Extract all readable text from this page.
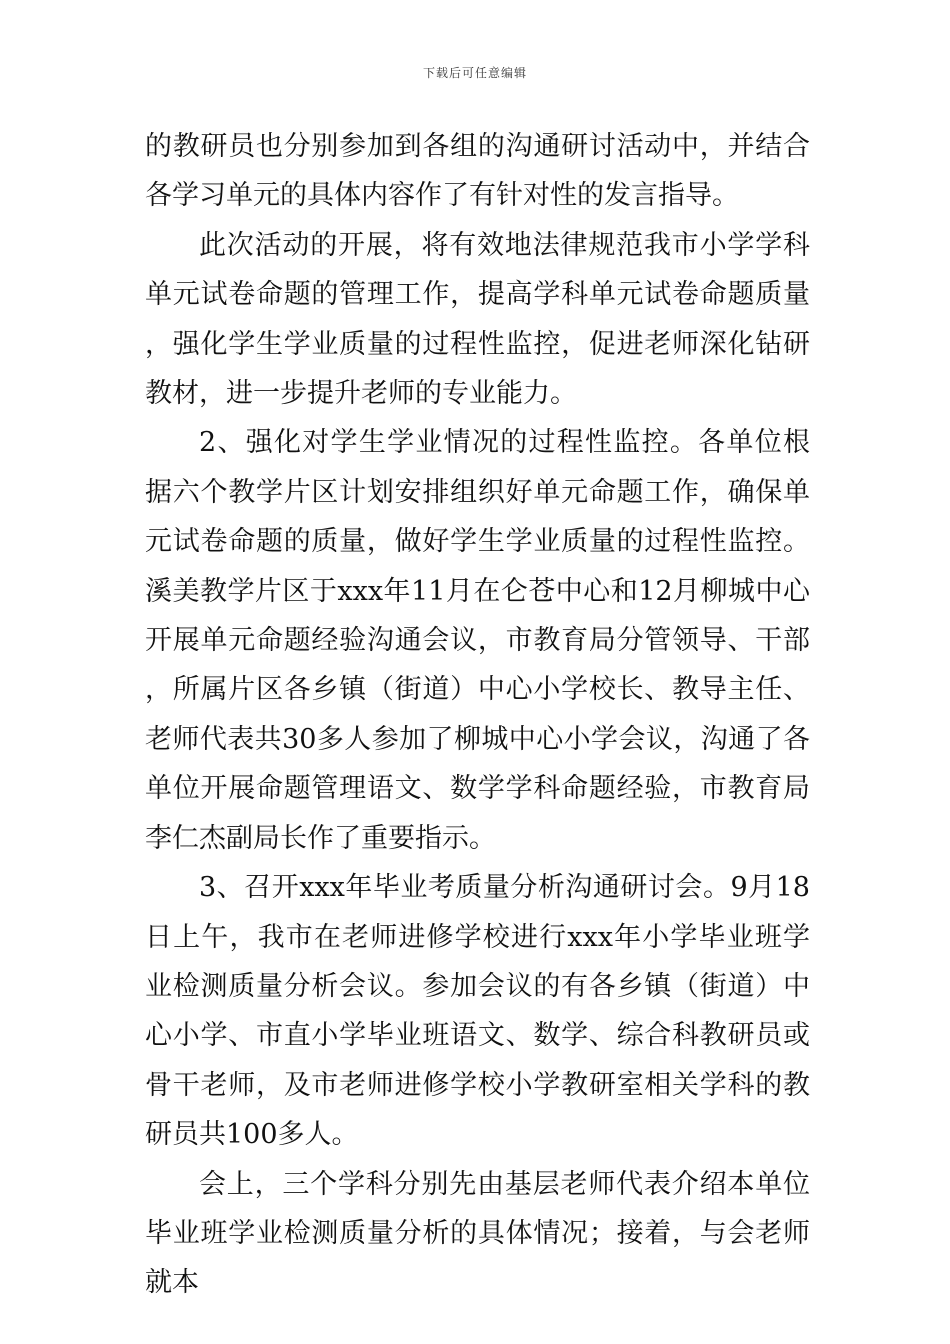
下载后可任意编辑

的教研员也分别参加到各组的沟通研讨活动中，并结合各学习单元的具体内容作了有针对性的发言指导。

此次活动的开展，将有效地法律规范我市小学学科单元试卷命题的管理工作，提高学科单元试卷命题质量，强化学生学业质量的过程性监控，促进老师深化钻研教材，进一步提升老师的专业能力。

2、强化对学生学业情况的过程性监控。各单位根据六个教学片区计划安排组织好单元命题工作，确保单元试卷命题的质量，做好学生学业质量的过程性监控。溪美教学片区于xxx年11月在仑苍中心和12月柳城中心开展单元命题经验沟通会议，市教育局分管领导、干部，所属片区各乡镇（街道）中心小学校长、教导主任、老师代表共30多人参加了柳城中心小学会议，沟通了各单位开展命题管理语文、数学学科命题经验，市教育局李仁杰副局长作了重要指示。

3、召开xxx年毕业考质量分析沟通研讨会。9月18日上午，我市在老师进修学校进行xxx年小学毕业班学业检测质量分析会议。参加会议的有各乡镇（街道）中心小学、市直小学毕业班语文、数学、综合科教研员或骨干老师，及市老师进修学校小学教研室相关学科的教研员共100多人。

会上，三个学科分别先由基层老师代表介绍本单位毕业班学业检测质量分析的具体情况；接着，与会老师就本
